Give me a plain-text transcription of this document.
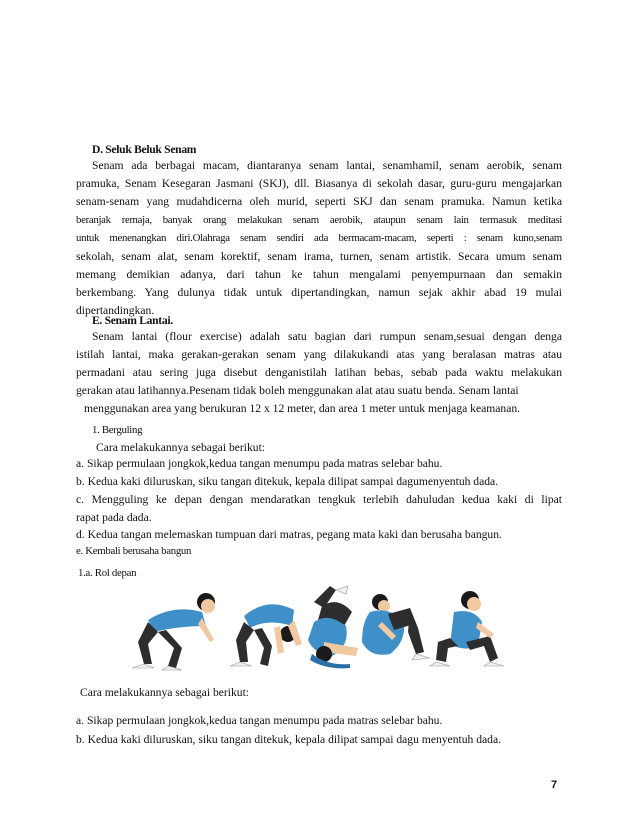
D. Seluk Beluk Senam
Senam ada berbagai macam, diantaranya senam lantai, senamhamil, senam aerobik, senam
pramuka, Senam Kesegaran Jasmani (SKJ), dll. Biasanya di sekolah dasar, guru-guru mengajarkan
senam-senam yang mudahdicerna oleh murid, seperti SKJ dan senam pramuka. Namun ketika
beranjak remaja, banyak orang melakukan senam aerobik, ataupun senam lain termasuk meditasi
untuk menenangkan diri.Olahraga senam sendiri ada bermacam-macam, seperti : senam kuno,senam
sekolah, senam alat, senam korektif, senam irama, turnen, senam artistik. Secara umum senam
memang demikian adanya, dari tahun ke tahun mengalami penyempurnaan dan semakin
berkembang. Yang dulunya tidak untuk dipertandingkan, namun sejak akhir abad 19 mulai
dipertandingkan.
E. Senam Lantai.
Senam lantai (flour exercise) adalah satu bagian dari rumpun senam,sesuai dengan denga
istilah lantai, maka gerakan-gerakan senam yang dilakukandi atas yang beralasan matras atau
permadani atau sering juga disebut denganistilah latihan bebas, sebab pada waktu melakukan
gerakan atau latihannya.Pesenam tidak boleh menggunakan alat atau suatu benda. Senam lantai
menggunakan area yang berukuran 12 x 12 meter, dan area 1 meter untuk menjaga keamanan.
1. Berguling
Cara melakukannya sebagai berikut:
a. Sikap permulaan jongkok,kedua tangan menumpu pada matras selebar bahu.
b. Kedua kaki diluruskan, siku tangan ditekuk, kepala dilipat sampai dagumenyentuh dada.
c. Mengguling ke depan dengan mendaratkan tengkuk terlebih dahuludan kedua kaki di lipat
rapat pada dada.
d. Kedua tangan melemaskan tumpuan dari matras, pegang mata kaki dan berusaha bangun.
e. Kembali berusaha bangun
1.a. Rol depan
Cara melakukannya sebagai berikut:
a. Sikap permulaan jongkok,kedua tangan menumpu pada matras selebar bahu.
b. Kedua kaki diluruskan, siku tangan ditekuk, kepala dilipat sampai dagu menyentuh dada.
7
